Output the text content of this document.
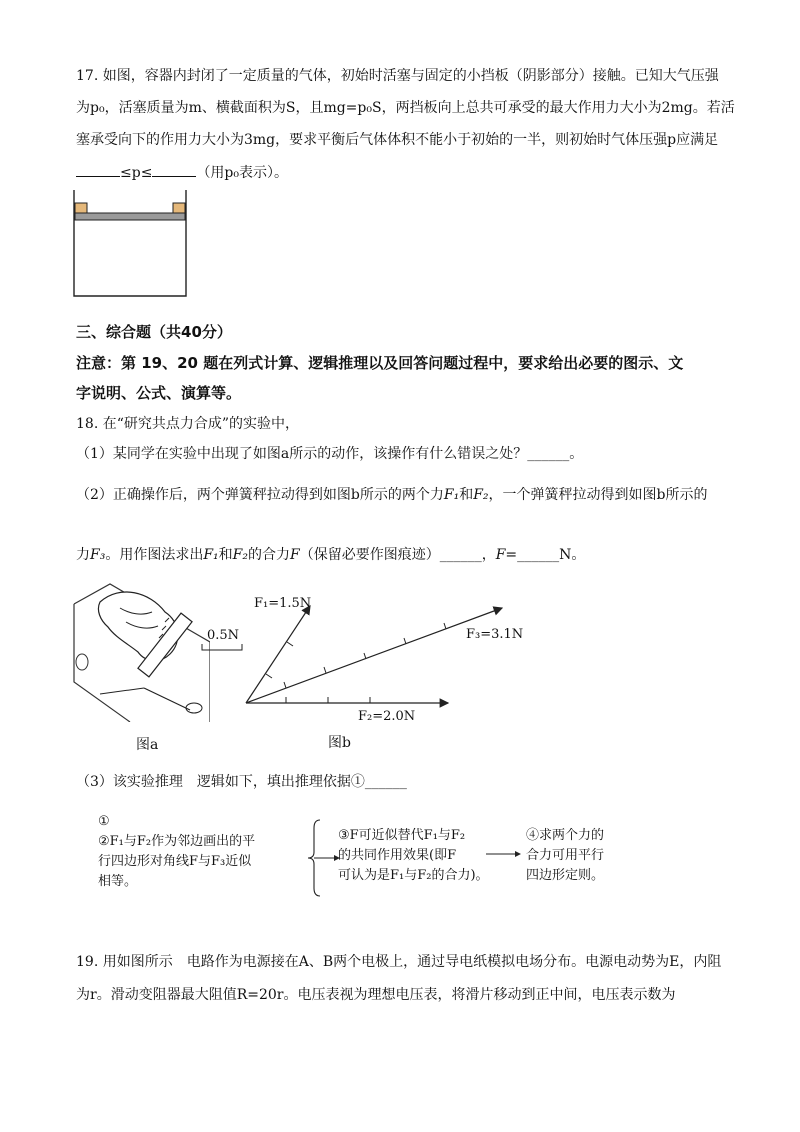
17. 如图，容器内封闭了一定质量的气体，初始时活塞与固定的小挡板（阴影部分）接触。已知大气压强
为p₀，活塞质量为m、横截面积为S，且mg=p₀S，两挡板向上总共可承受的最大作用力大小为2mg。若活
塞承受向下的作用力大小为3mg，要求平衡后气体体积不能小于初始的一半，则初始时气体压强p应满足
≤p≤	（用p₀表示）。
三、综合题（共40分）
注意：第 19、20 题在列式计算、逻辑推理以及回答问题过程中，要求给出必要的图示、文
字说明、公式、演算等。
18. 在“研究共点力合成”的实验中，
（1）某同学在实验中出现了如图a所示的动作，该操作有什么错误之处？______。
（2）正确操作后，两个弹簧秤拉动得到如图b所示的两个力F₁和F₂，一个弹簧秤拉动得到如图b所示的
力F₃。用作图法求出F₁和F₂的合力F（保留必要作图痕迹）______，F=______N。
图a
0.5N
F₁=1.5N
F₂=2.0N
F₃=3.1N
图b
（3）该实验推理　逻辑如下，填出推理依据①______
①
②F₁与F₂作为邻边画出的平
行四边形对角线F与F₃近似
相等。
③F可近似替代F₁与F₂
的共同作用效果(即F
可认为是F₁与F₂的合力)。
④求两个力的
合力可用平行
四边形定则。
19. 用如图所示　电路作为电源接在A、B两个电极上，通过导电纸模拟电场分布。电源电动势为E，内阻
为r。滑动变阻器最大阻值R=20r。电压表视为理想电压表，将滑片移动到正中间，电压表示数为
